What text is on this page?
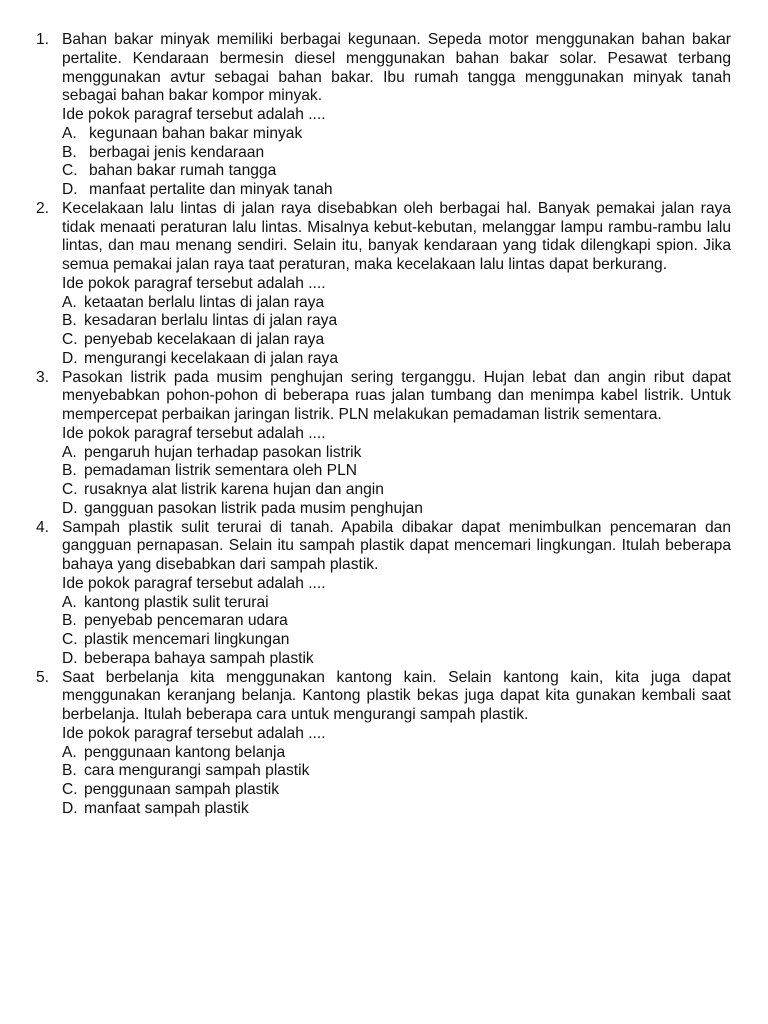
1. Bahan bakar minyak memiliki berbagai kegunaan. Sepeda motor menggunakan bahan bakar pertalite. Kendaraan bermesin diesel menggunakan bahan bakar solar. Pesawat terbang menggunakan avtur sebagai bahan bakar. Ibu rumah tangga menggunakan minyak tanah sebagai bahan bakar kompor minyak.

Ide pokok paragraf tersebut adalah ....

A. kegunaan bahan bakar minyak
B. berbagai jenis kendaraan
C. bahan bakar rumah tangga
D. manfaat pertalite dan minyak tanah
2. Kecelakaan lalu lintas di jalan raya disebabkan oleh berbagai hal. Banyak pemakai jalan raya tidak menaati peraturan lalu lintas. Misalnya kebut-kebutan, melanggar lampu rambu-rambu lalu lintas, dan mau menang sendiri. Selain itu, banyak kendaraan yang tidak dilengkapi spion. Jika semua pemakai jalan raya taat peraturan, maka kecelakaan lalu lintas dapat berkurang.

Ide pokok paragraf tersebut adalah ....

A. ketaatan berlalu lintas di jalan raya
B. kesadaran berlalu lintas di jalan raya
C. penyebab kecelakaan di jalan raya
D. mengurangi kecelakaan di jalan raya
3. Pasokan listrik pada musim penghujan sering terganggu. Hujan lebat dan angin ribut dapat menyebabkan pohon-pohon di beberapa ruas jalan tumbang dan menimpa kabel listrik. Untuk mempercepat perbaikan jaringan listrik. PLN melakukan pemadaman listrik sementara.

Ide pokok paragraf tersebut adalah ....

A. pengaruh hujan terhadap pasokan listrik
B. pemadaman listrik sementara oleh PLN
C. rusaknya alat listrik karena hujan dan angin
D. gangguan pasokan listrik pada musim penghujan
4. Sampah plastik sulit terurai di tanah. Apabila dibakar dapat menimbulkan pencemaran dan gangguan pernapasan. Selain itu sampah plastik dapat mencemari lingkungan. Itulah beberapa bahaya yang disebabkan dari sampah plastik.

Ide pokok paragraf tersebut adalah ....

A. kantong plastik sulit terurai
B. penyebab pencemaran udara
C. plastik mencemari lingkungan
D. beberapa bahaya sampah plastik
5. Saat berbelanja kita menggunakan kantong kain. Selain kantong kain, kita juga dapat menggunakan keranjang belanja. Kantong plastik bekas juga dapat kita gunakan kembali saat berbelanja. Itulah beberapa cara untuk mengurangi sampah plastik.

Ide pokok paragraf tersebut adalah ....

A. penggunaan kantong belanja
B. cara mengurangi sampah plastik
C. penggunaan sampah plastik
D. manfaat sampah plastik
